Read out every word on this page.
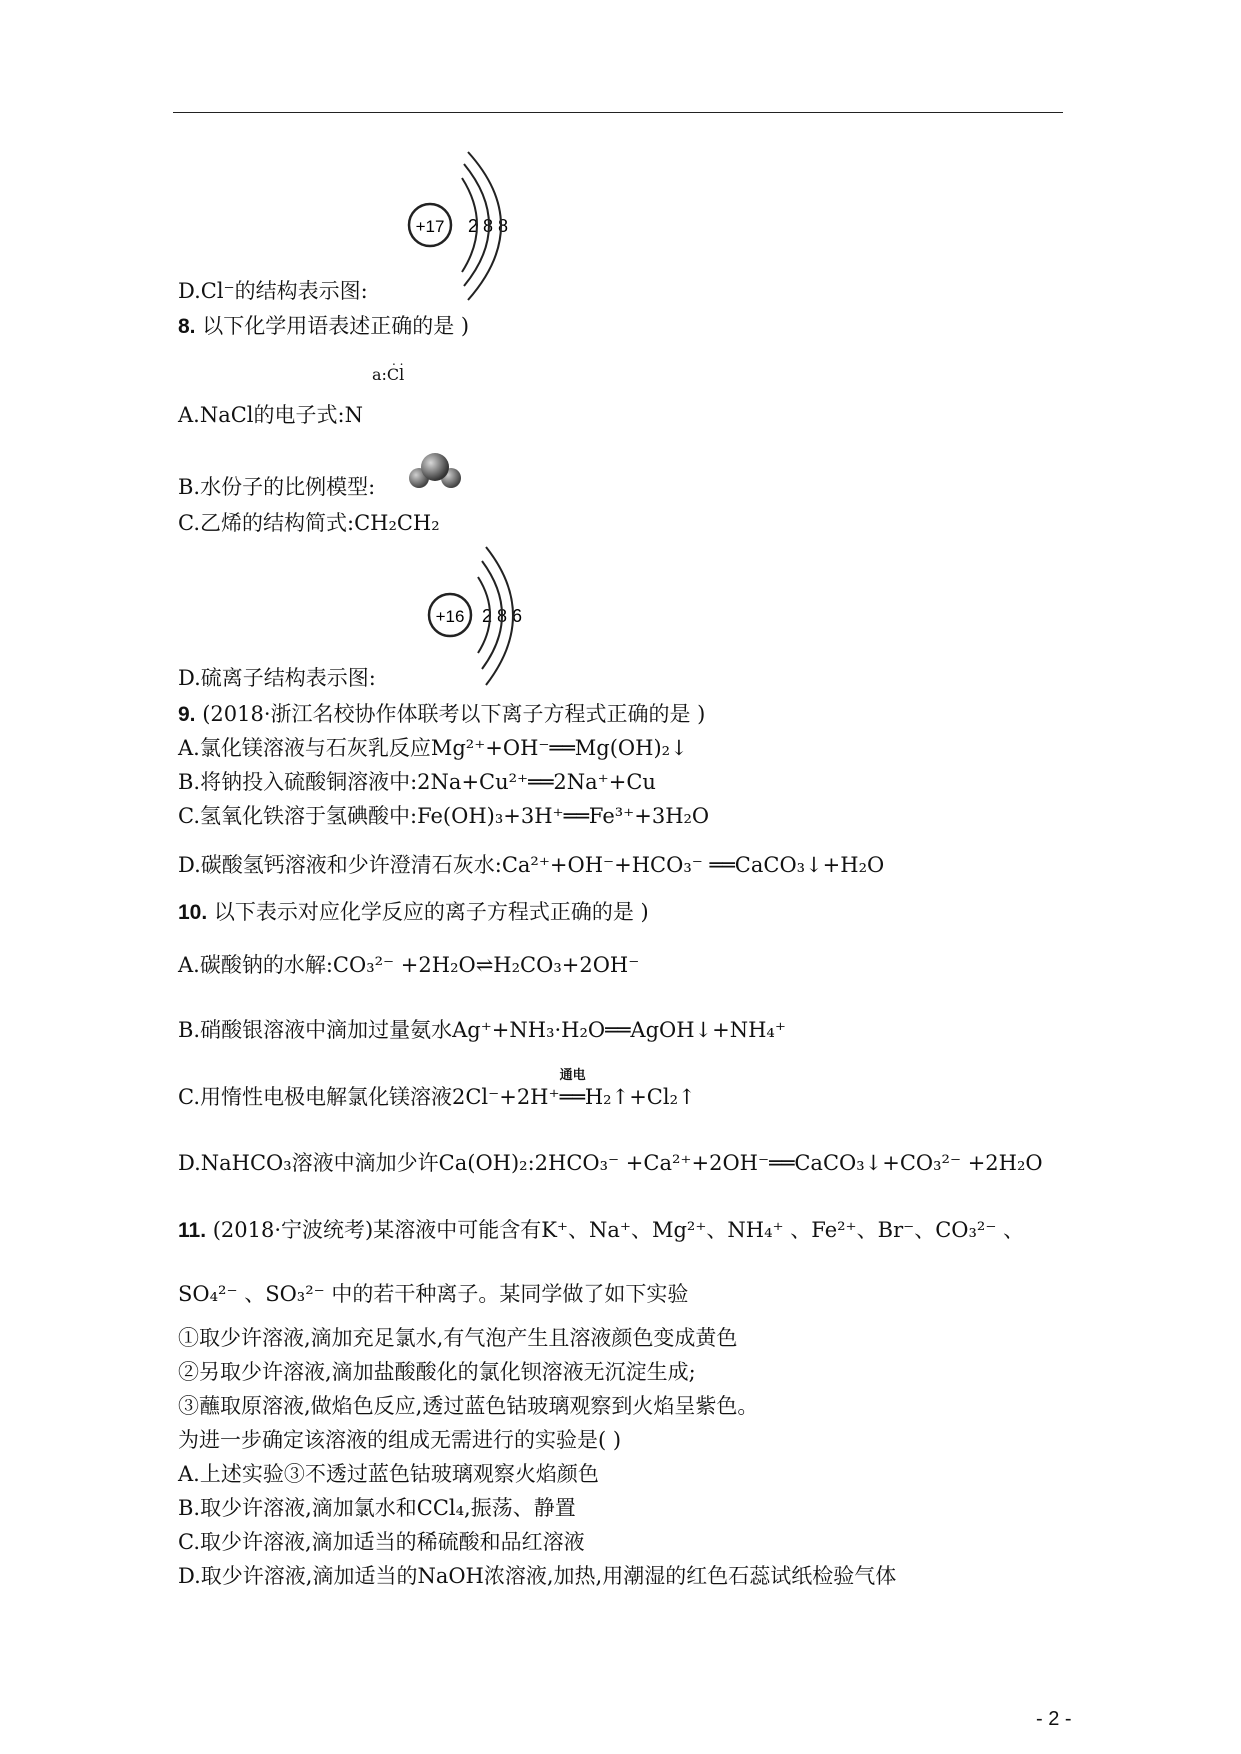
+17 2 8 8
D.Cl⁻的结构表示图:
8. 以下化学用语表述正确的是 )
. .
a:Cl
A.NaCl的电子式:N
B.水份子的比例模型:
C.乙烯的结构简式:CH₂CH₂
+16 2 8 6
D.硫离子结构表示图:
9. (2018·浙江名校协作体联考以下离子方程式正确的是 )
A.氯化镁溶液与石灰乳反应Mg²⁺+OH⁻══Mg(OH)₂↓
B.将钠投入硫酸铜溶液中:2Na+Cu²⁺══2Na⁺+Cu
C.氢氧化铁溶于氢碘酸中:Fe(OH)₃+3H⁺══Fe³⁺+3H₂O
D.碳酸氢钙溶液和少许澄清石灰水:Ca²⁺+OH⁻+HCO₃⁻ ══CaCO₃↓+H₂O
10. 以下表示对应化学反应的离子方程式正确的是 )
A.碳酸钠的水解:CO₃²⁻ +2H₂O⇌H₂CO₃+2OH⁻
B.硝酸银溶液中滴加过量氨水Ag⁺+NH₃·H₂O══AgOH↓+NH₄⁺
C.用惰性电极电解氯化镁溶液2Cl⁻+2H⁺
通电
══H₂↑+Cl₂↑
D.NaHCO₃溶液中滴加少许Ca(OH)₂:2HCO₃⁻ +Ca²⁺+2OH⁻══CaCO₃↓+CO₃²⁻ +2H₂O
11. (2018·宁波统考)某溶液中可能含有K⁺、Na⁺、Mg²⁺、NH₄⁺ 、Fe²⁺、Br⁻、CO₃²⁻ 、
SO₄²⁻ 、SO₃²⁻ 中的若干种离子。某同学做了如下实验
①取少许溶液,滴加充足氯水,有气泡产生且溶液颜色变成黄色
②另取少许溶液,滴加盐酸酸化的氯化钡溶液无沉淀生成;
③蘸取原溶液,做焰色反应,透过蓝色钴玻璃观察到火焰呈紫色。
为进一步确定该溶液的组成无需进行的实验是( )
A.上述实验③不透过蓝色钴玻璃观察火焰颜色
B.取少许溶液,滴加氯水和CCl₄,振荡、静置
C.取少许溶液,滴加适当的稀硫酸和品红溶液
D.取少许溶液,滴加适当的NaOH浓溶液,加热,用潮湿的红色石蕊试纸检验气体
- 2 -
